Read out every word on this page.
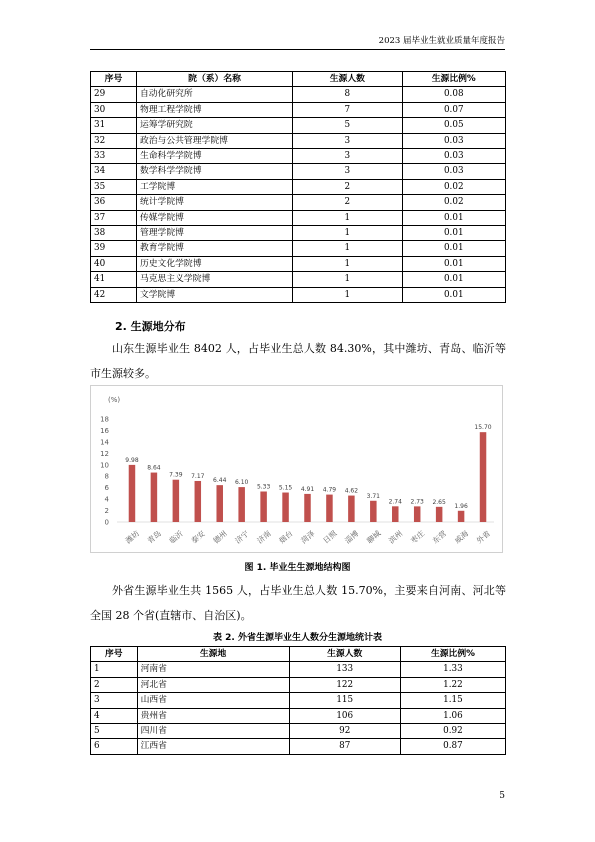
2023 届毕业生就业质量年度报告
序号	院（系）名称	生源人数	生源比例%
29	自动化研究所	8	0.08
30	物理工程学院博	7	0.07
31	运筹学研究院	5	0.05
32	政治与公共管理学院博	3	0.03
33	生命科学学院博	3	0.03
34	数学科学学院博	3	0.03
35	工学院博	2	0.02
36	统计学院博	2	0.02
37	传媒学院博	1	0.01
38	管理学院博	1	0.01
39	教育学院博	1	0.01
40	历史文化学院博	1	0.01
41	马克思主义学院博	1	0.01
42	文学院博	1	0.01
2. 生源地分布

山东生源毕业生 8402 人，占毕业生总人数 84.30%，其中潍坊、青岛、临沂等市生源较多。

(%)
0
2
4
6
8
10
12
14
16
18
9.98
潍坊
8.64
青岛
7.39
临沂
7.17
泰安
6.44
德州
6.10
济宁
5.33
济南
5.15
烟台
4.91
菏泽
4.79
日照
4.62
淄博
3.71
聊城
2.74
滨州
2.73
枣庄
2.65
东营
1.96
威海
15.70
外省
图 1. 毕业生生源地结构图

外省生源毕业生共 1565 人，占毕业生总人数 15.70%，主要来自河南、河北等全国 28 个省(直辖市、自治区)。

表 2. 外省生源毕业生人数分生源地统计表
序号	生源地	生源人数	生源比例%
1	河南省	133	1.33
2	河北省	122	1.22
3	山西省	115	1.15
4	贵州省	106	1.06
5	四川省	92	0.92
6	江西省	87	0.87
5
